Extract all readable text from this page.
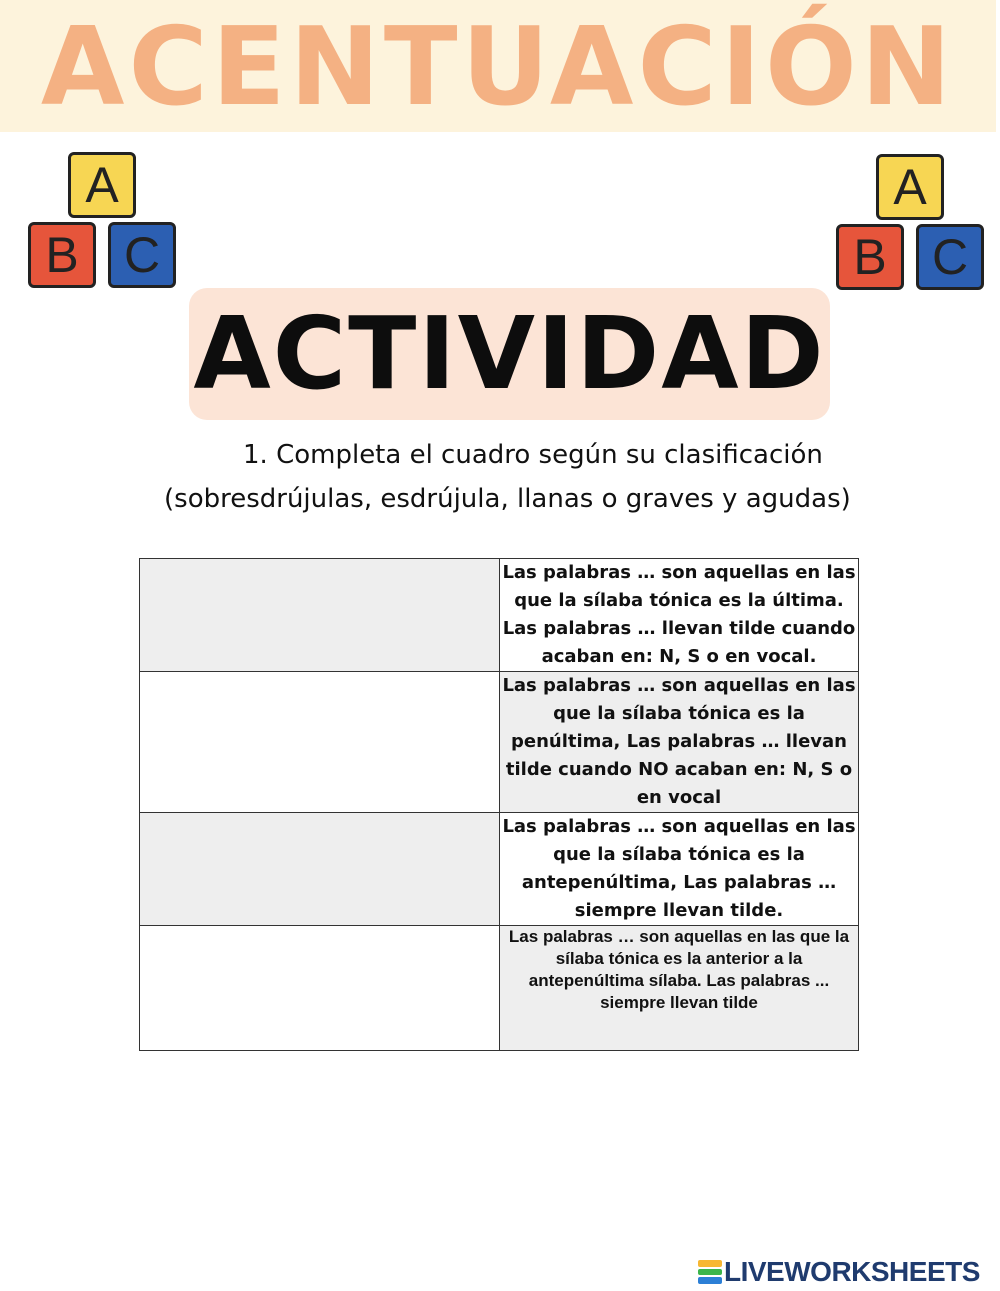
ACENTUACIÓN
A
B C
A
B C
ACTIVIDAD
1. Completa el cuadro según su clasificación
(sobresdrújulas, esdrújula, llanas o graves y agudas)
	Las palabras … son aquellas en las que la sílaba tónica es la última. Las palabras … llevan tilde cuando acaban en: N, S o en vocal.
	Las palabras … son aquellas en las que la sílaba tónica es la penúltima, Las palabras … llevan tilde cuando NO acaban en: N, S o en vocal
	Las palabras … son aquellas en las que la sílaba tónica es la antepenúltima, Las palabras … siempre llevan tilde.
	Las palabras … son aquellas en las que la sílaba tónica es la anterior a la antepenúltima sílaba. Las palabras ... siempre llevan tilde
LIVEWORKSHEETS
